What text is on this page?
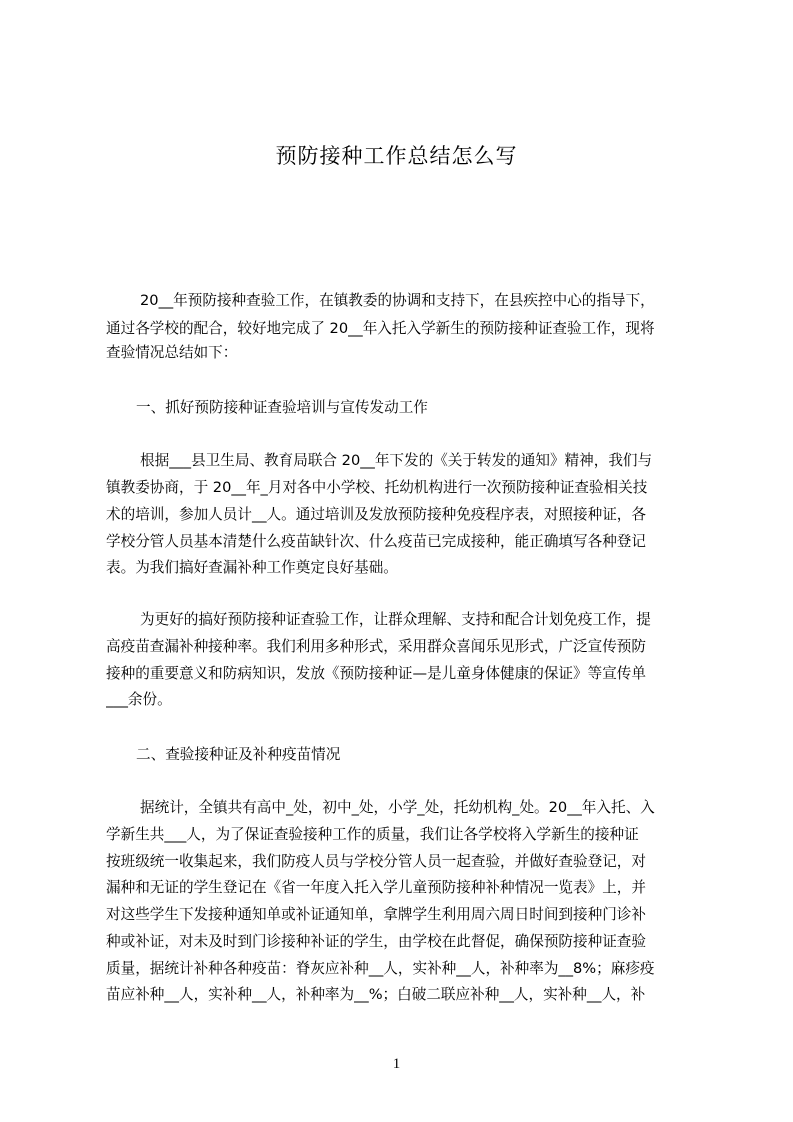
预防接种工作总结怎么写
20__年预防接种查验工作，在镇教委的协调和支持下，在县疾控中心的指导下，
通过各学校的配合，较好地完成了 20__年入托入学新生的预防接种证查验工作，现将
查验情况总结如下：
一、抓好预防接种证查验培训与宣传发动工作
根据___县卫生局、教育局联合 20__年下发的《关于转发的通知》精神，我们与
镇教委协商，于 20__年_月对各中小学校、托幼机构进行一次预防接种证查验相关技
术的培训，参加人员计__人。通过培训及发放预防接种免疫程序表，对照接种证，各
学校分管人员基本清楚什么疫苗缺针次、什么疫苗已完成接种，能正确填写各种登记
表。为我们搞好查漏补种工作奠定良好基础。
为更好的搞好预防接种证查验工作，让群众理解、支持和配合计划免疫工作，提
高疫苗查漏补种接种率。我们利用多种形式，采用群众喜闻乐见形式，广泛宣传预防
接种的重要意义和防病知识，发放《预防接种证—是儿童身体健康的保证》等宣传单
___余份。
二、查验接种证及补种疫苗情况
据统计，全镇共有高中_处，初中_处，小学_处，托幼机构_处。20__年入托、入
学新生共___人，为了保证查验接种工作的质量，我们让各学校将入学新生的接种证
按班级统一收集起来，我们防疫人员与学校分管人员一起查验，并做好查验登记，对
漏种和无证的学生登记在《省一年度入托入学儿童预防接种补种情况一览表》上，并
对这些学生下发接种通知单或补证通知单，拿牌学生利用周六周日时间到接种门诊补
种或补证，对未及时到门诊接种补证的学生，由学校在此督促，确保预防接种证查验
质量，据统计补种各种疫苗：脊灰应补种__人，实补种__人，补种率为__8%；麻疹疫
苗应补种__人，实补种__人，补种率为__%；白破二联应补种__人，实补种__人，补
1
